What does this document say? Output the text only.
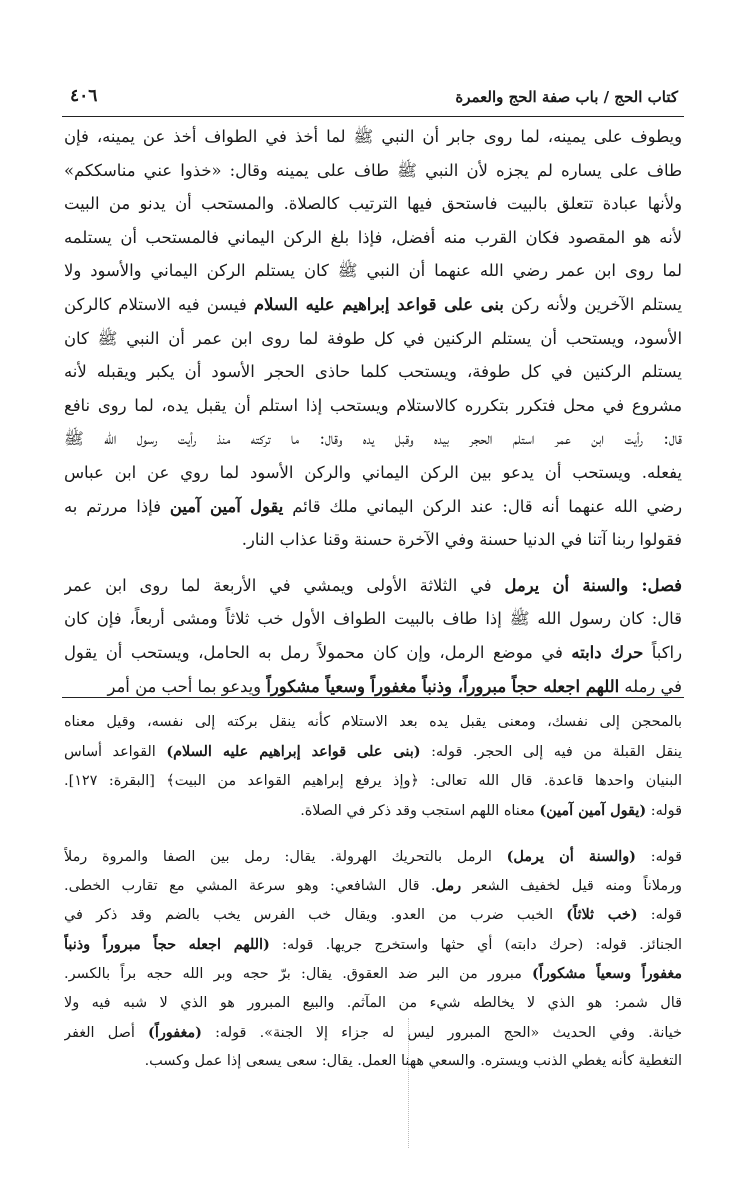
كتاب الحج / باب صفة الحج والعمرة
٤٠٦
ويطوف على يمينه، لما روى جابر أن النبي ﷺ لما أخذ في الطواف أخذ عن يمينه، فإن
طاف على يساره لم يجزه لأن النبي ﷺ طاف على يمينه وقال: «خذوا عني مناسككم»
ولأنها عبادة تتعلق بالبيت فاستحق فيها الترتيب كالصلاة. والمستحب أن يدنو من البيت
لأنه هو المقصود فكان القرب منه أفضل، فإذا بلغ الركن اليماني فالمستحب أن يستلمه
لما روى ابن عمر رضي الله عنهما أن النبي ﷺ كان يستلم الركن اليماني والأسود ولا
يستلم الآخرين ولأنه ركن بنى على قواعد إبراهيم عليه السلام فيسن فيه الاستلام كالركن
الأسود، ويستحب أن يستلم الركنين في كل طوفة لما روى ابن عمر أن النبي ﷺ كان
يستلم الركنين في كل طوفة، ويستحب كلما حاذى الحجر الأسود أن يكبر ويقبله لأنه
مشروع في محل فتكرر بتكرره كالاستلام ويستحب إذا استلم أن يقبل يده، لما روى نافع
قال: رأيت ابن عمر استلم الحجر بيده وقبل يده وقال: ما تركته منذ رأيت رسول الله ﷺ
يفعله. ويستحب أن يدعو بين الركن اليماني والركن الأسود لما روي عن ابن عباس
رضي الله عنهما أنه قال: عند الركن اليماني ملك قائم يقول آمين آمين فإذا مررتم به
فقولوا ربنا آتنا في الدنيا حسنة وفي الآخرة حسنة وقنا عذاب النار.
فصل: والسنة أن يرمل في الثلاثة الأولى ويمشي في الأربعة لما روى ابن عمر
قال: كان رسول الله ﷺ إذا طاف بالبيت الطواف الأول خب ثلاثاً ومشى أربعاً، فإن كان
راكباً حرك دابته في موضع الرمل، وإن كان محمولاً رمل به الحامل، ويستحب أن يقول
في رمله اللهم اجعله حجاً مبروراً، وذنباً مغفوراً وسعياً مشكوراً ويدعو بما أحب من أمر
بالمحجن إلى نفسك، ومعنى يقبل يده بعد الاستلام كأنه ينقل بركته إلى نفسه، وقيل معناه
ينقل القبلة من فيه إلى الحجر. قوله: (بنى على قواعد إبراهيم عليه السلام) القواعد أساس
البنيان واحدها قاعدة. قال الله تعالى: ﴿وإذ يرفع إبراهيم القواعد من البيت﴾ [البقرة: ١٢٧].
قوله: (يقول آمين آمين) معناه اللهم استجب وقد ذكر في الصلاة.
قوله: (والسنة أن يرمل) الرمل بالتحريك الهرولة. يقال: رمل بين الصفا والمروة رملاً
ورملاناً ومنه قيل لخفيف الشعر رمل. قال الشافعي: وهو سرعة المشي مع تقارب الخطى.
قوله: (خب ثلاثاً) الخبب ضرب من العدو. ويقال خب الفرس يخب بالضم وقد ذكر في
الجنائز. قوله: (حرك دابته) أي حثها واستخرج جريها. قوله: (اللهم اجعله حجاً مبروراً وذنباً
مغفوراً وسعياً مشكوراً) مبرور من البر ضد العقوق. يقال: برّ حجه وبر الله حجه براً بالكسر.
قال شمر: هو الذي لا يخالطه شيء من المآثم. والبيع المبرور هو الذي لا شبه فيه ولا
خيانة. وفي الحديث «الحج المبرور ليس له جزاء إلا الجنة». قوله: (مغفوراً) أصل الغفر
التغطية كأنه يغطي الذنب ويستره. والسعي ههنا العمل. يقال: سعى يسعى إذا عمل وكسب.
